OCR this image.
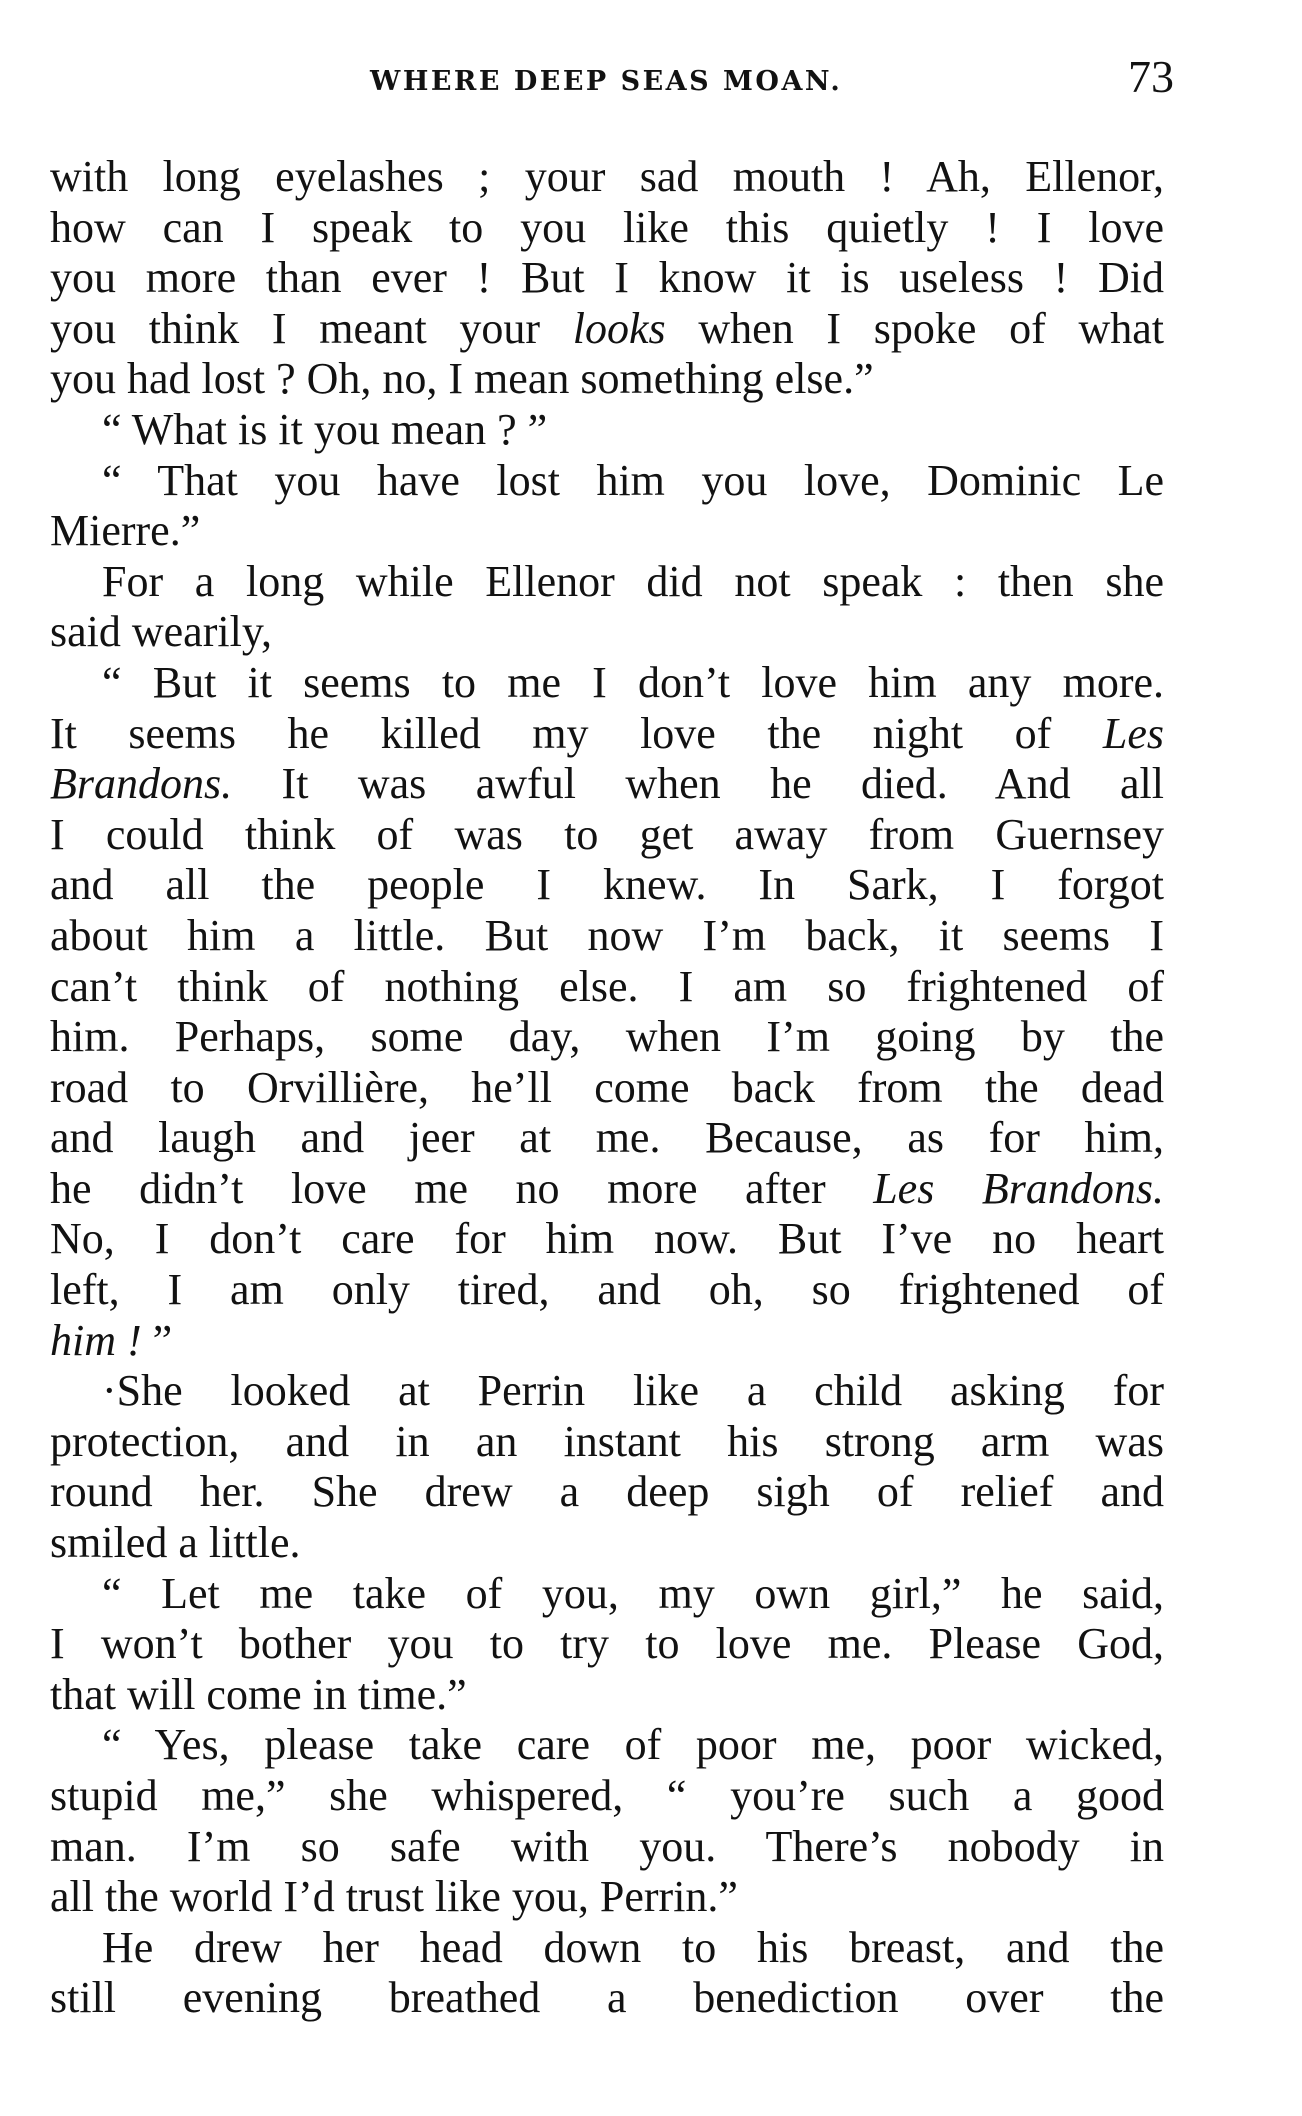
WHERE DEEP SEAS MOAN.	73
with long eyelashes ; your sad mouth ! Ah, Ellenor,
how can I speak to you like this quietly ! I love
you more than ever ! But I know it is useless ! Did
you think I meant your looks when I spoke of what
you had lost ? Oh, no, I mean something else.”
“ What is it you mean ? ”
“ That you have lost him you love, Dominic Le
Mierre.”
For a long while Ellenor did not speak : then she
said wearily,
“ But it seems to me I don’t love him any more.
It seems he killed my love the night of Les
Brandons. It was awful when he died. And all
I could think of was to get away from Guernsey
and all the people I knew. In Sark, I forgot
about him a little. But now I’m back, it seems I
can’t think of nothing else. I am so frightened of
him. Perhaps, some day, when I’m going by the
road to Orvillière, he’ll come back from the dead
and laugh and jeer at me. Because, as for him,
he didn’t love me no more after Les Brandons.
No, I don’t care for him now. But I’ve no heart
left, I am only tired, and oh, so frightened of
him ! ”
·She looked at Perrin like a child asking for
protection, and in an instant his strong arm was
round her. She drew a deep sigh of relief and
smiled a little.
“ Let me take of you, my own girl,” he said,
I won’t bother you to try to love me. Please God,
that will come in time.”
“ Yes, please take care of poor me, poor wicked,
stupid me,” she whispered, “ you’re such a good
man. I’m so safe with you. There’s nobody in
all the world I’d trust like you, Perrin.”
He drew her head down to his breast, and the
still evening breathed a benediction over the
